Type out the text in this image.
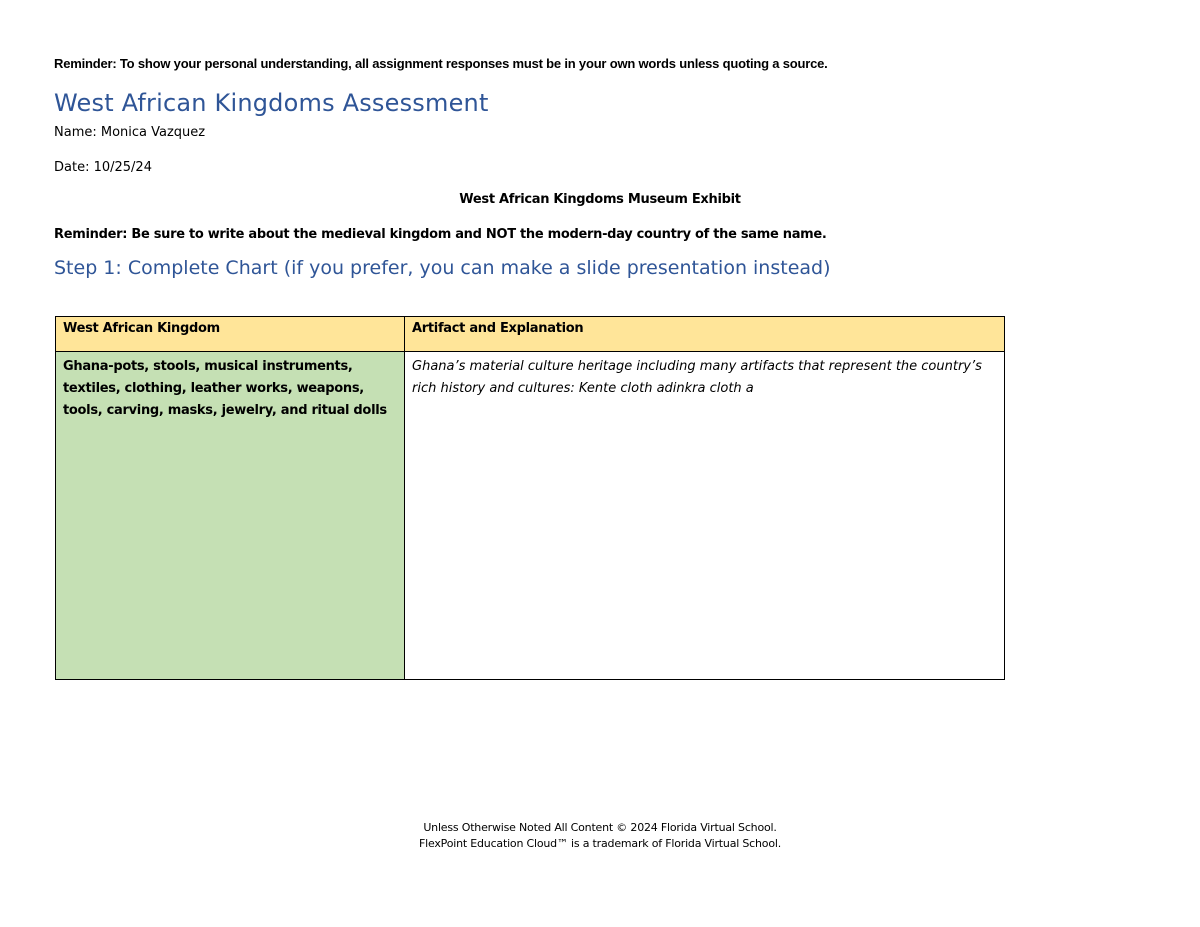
Reminder: To show your personal understanding, all assignment responses must be in your own words unless quoting a source.
West African Kingdoms Assessment
Name: Monica Vazquez
Date: 10/25/24
West African Kingdoms Museum Exhibit
Reminder: Be sure to write about the medieval kingdom and NOT the modern-day country of the same name.
Step 1: Complete Chart (if you prefer, you can make a slide presentation instead)
West African Kingdom	Artifact and Explanation
Ghana-pots, stools, musical instruments, textiles, clothing, leather works, weapons, tools, carving, masks, jewelry, and ritual dolls	Ghana’s material culture heritage including many artifacts that represent the country’s rich history and cultures: Kente cloth adinkra cloth a
Unless Otherwise Noted All Content © 2024 Florida Virtual School.
FlexPoint Education Cloud™ is a trademark of Florida Virtual School.
